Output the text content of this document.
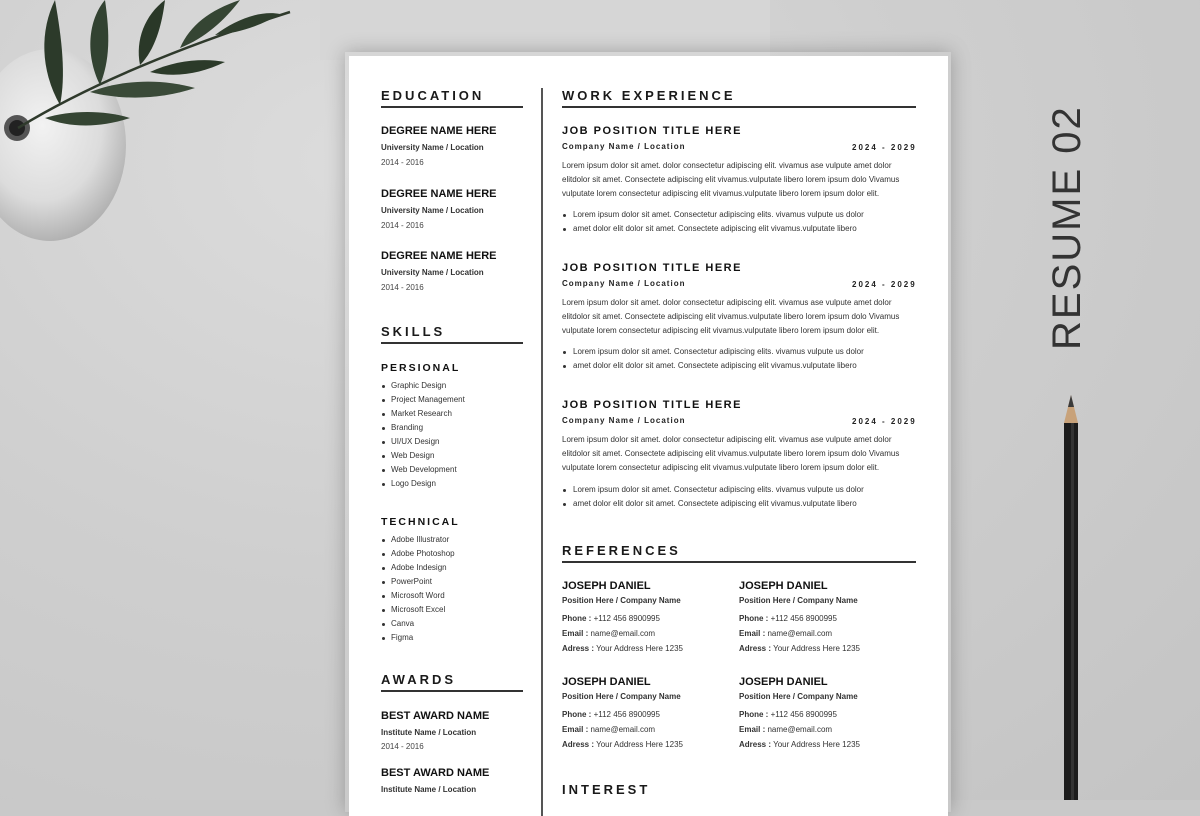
EDUCATION
DEGREE NAME HERE
University Name / Location
2014 - 2016
DEGREE NAME HERE
University Name / Location
2014 - 2016
DEGREE NAME HERE
University Name / Location
2014 - 2016
SKILLS
PERSIONAL
Graphic Design
Project Management
Market Research
Branding
UI/UX Design
Web Design
Web Development
Logo Design
TECHNICAL
Adobe Illustrator
Adobe Photoshop
Adobe Indesign
PowerPoint
Microsoft Word
Microsoft Excel
Canva
Figma
AWARDS
BEST AWARD NAME
Institute Name / Location
2014 - 2016
BEST AWARD NAME
Institute Name / Location
WORK EXPERIENCE
JOB POSITION TITLE HERE
Company Name / Location	2024 - 2029
Lorem ipsum dolor sit amet. dolor consectetur adipiscing elit. vivamus ase vulpute amet dolor
elitdolor sit amet. Consectete adipiscing elit vivamus.vulputate libero lorem ipsum dolo Vivamus
vulputate lorem consectetur adipiscing elit vivamus.vulputate libero lorem ipsum dolor elit.
Lorem ipsum dolor sit amet. Consectetur adipiscing elits. vivamus vulpute us dolor
amet dolor elit dolor sit amet. Consectete adipiscing elit vivamus.vulputate libero
JOB POSITION TITLE HERE
Company Name / Location	2024 - 2029
Lorem ipsum dolor sit amet. dolor consectetur adipiscing elit. vivamus ase vulpute amet dolor
elitdolor sit amet. Consectete adipiscing elit vivamus.vulputate libero lorem ipsum dolo Vivamus
vulputate lorem consectetur adipiscing elit vivamus.vulputate libero lorem ipsum dolor elit.
Lorem ipsum dolor sit amet. Consectetur adipiscing elits. vivamus vulpute us dolor
amet dolor elit dolor sit amet. Consectete adipiscing elit vivamus.vulputate libero
JOB POSITION TITLE HERE
Company Name / Location	2024 - 2029
Lorem ipsum dolor sit amet. dolor consectetur adipiscing elit. vivamus ase vulpute amet dolor
elitdolor sit amet. Consectete adipiscing elit vivamus.vulputate libero lorem ipsum dolo Vivamus
vulputate lorem consectetur adipiscing elit vivamus.vulputate libero lorem ipsum dolor elit.
Lorem ipsum dolor sit amet. Consectetur adipiscing elits. vivamus vulpute us dolor
amet dolor elit dolor sit amet. Consectete adipiscing elit vivamus.vulputate libero
REFERENCES
JOSEPH DANIEL
Position Here / Company Name
Phone : +112 456 8900995
Email : name@email.com
Adress : Your Address Here 1235
JOSEPH DANIEL
Position Here / Company Name
Phone : +112 456 8900995
Email : name@email.com
Adress : Your Address Here 1235
JOSEPH DANIEL
Position Here / Company Name
Phone : +112 456 8900995
Email : name@email.com
Adress : Your Address Here 1235
JOSEPH DANIEL
Position Here / Company Name
Phone : +112 456 8900995
Email : name@email.com
Adress : Your Address Here 1235
INTEREST
RESUME 02
